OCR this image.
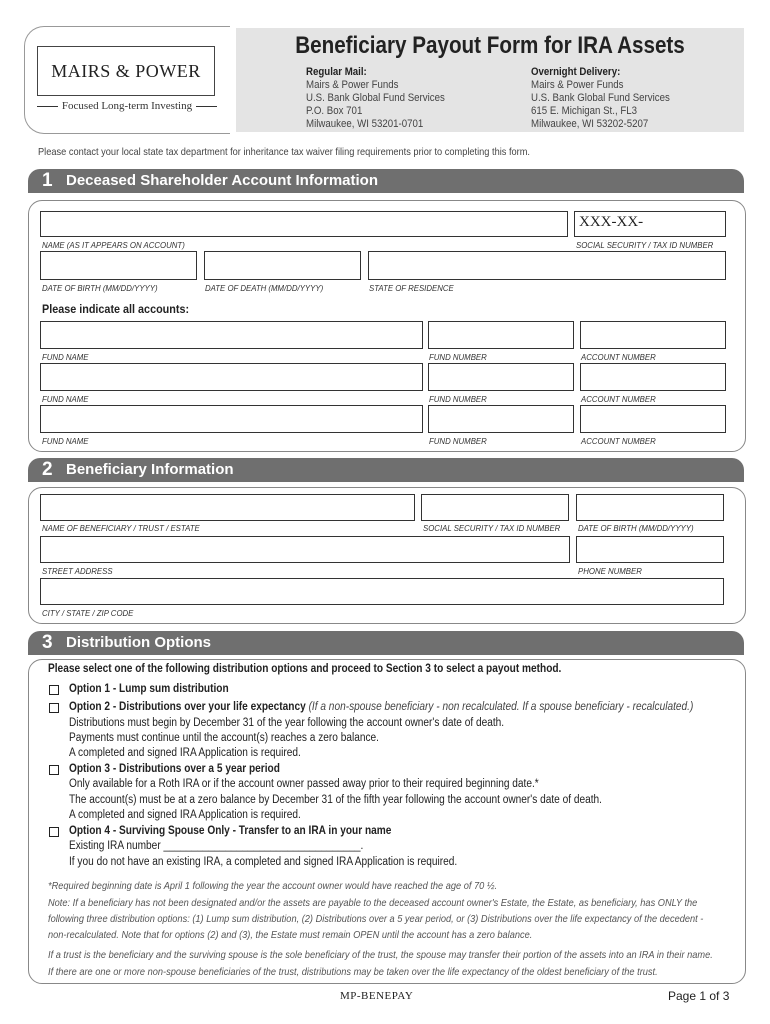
MAIRS & POWER
Focused Long-term Investing
Beneficiary Payout Form for IRA Assets
Regular Mail:
Mairs & Power Funds
U.S. Bank Global Fund Services
P.O. Box 701
Milwaukee, WI 53201-0701
Overnight Delivery:
Mairs & Power Funds
U.S. Bank Global Fund Services
615 E. Michigan St., FL3
Milwaukee, WI 53202-5207
Please contact your local state tax department for inheritance tax waiver filing requirements prior to completing this form.
1 Deceased Shareholder Account Information
NAME (AS IT APPEARS ON ACCOUNT)
XXX-XX-
SOCIAL SECURITY / TAX ID NUMBER
DATE OF BIRTH (MM/DD/YYYY)	DATE OF DEATH (MM/DD/YYYY)	STATE OF RESIDENCE
Please indicate all accounts:
FUND NAME	FUND NUMBER	ACCOUNT NUMBER
FUND NAME	FUND NUMBER	ACCOUNT NUMBER
FUND NAME	FUND NUMBER	ACCOUNT NUMBER
2 Beneficiary Information
NAME OF BENEFICIARY / TRUST / ESTATE	SOCIAL SECURITY / TAX ID NUMBER DATE OF BIRTH (MM/DD/YYYY)
STREET ADDRESS	PHONE NUMBER
CITY / STATE / ZIP CODE
3 Distribution Options
Please select one of the following distribution options and proceed to Section 3 to select a payout method.
Option 1 - Lump sum distribution
Option 2 - Distributions over your life expectancy (If a non-spouse beneficiary - non recalculated. If a spouse beneficiary - recalculated.)
Distributions must begin by December 31 of the year following the account owner's date of death.
Payments must continue until the account(s) reaches a zero balance.
A completed and signed IRA Application is required.
Option 3 - Distributions over a 5 year period
Only available for a Roth IRA or if the account owner passed away prior to their required beginning date.*
The account(s) must be at a zero balance by December 31 of the fifth year following the account owner's date of death.
A completed and signed IRA Application is required.
Option 4 - Surviving Spouse Only - Transfer to an IRA in your name
Existing IRA number ___________________________________.
If you do not have an existing IRA, a completed and signed IRA Application is required.
*Required beginning date is April 1 following the year the account owner would have reached the age of 70 ½.
Note: If a beneficiary has not been designated and/or the assets are payable to the deceased account owner's Estate, the Estate, as beneficiary, has ONLY the
following three distribution options: (1) Lump sum distribution, (2) Distributions over a 5 year period, or (3) Distributions over the life expectancy of the decedent -
non-recalculated. Note that for options (2) and (3), the Estate must remain OPEN until the account has a zero balance.
If a trust is the beneficiary and the surviving spouse is the sole beneficiary of the trust, the spouse may transfer their portion of the assets into an IRA in their name.
If there are one or more non-spouse beneficiaries of the trust, distributions may be taken over the life expectancy of the oldest beneficiary of the trust.
MP-BENEPAY	Page 1 of 3
